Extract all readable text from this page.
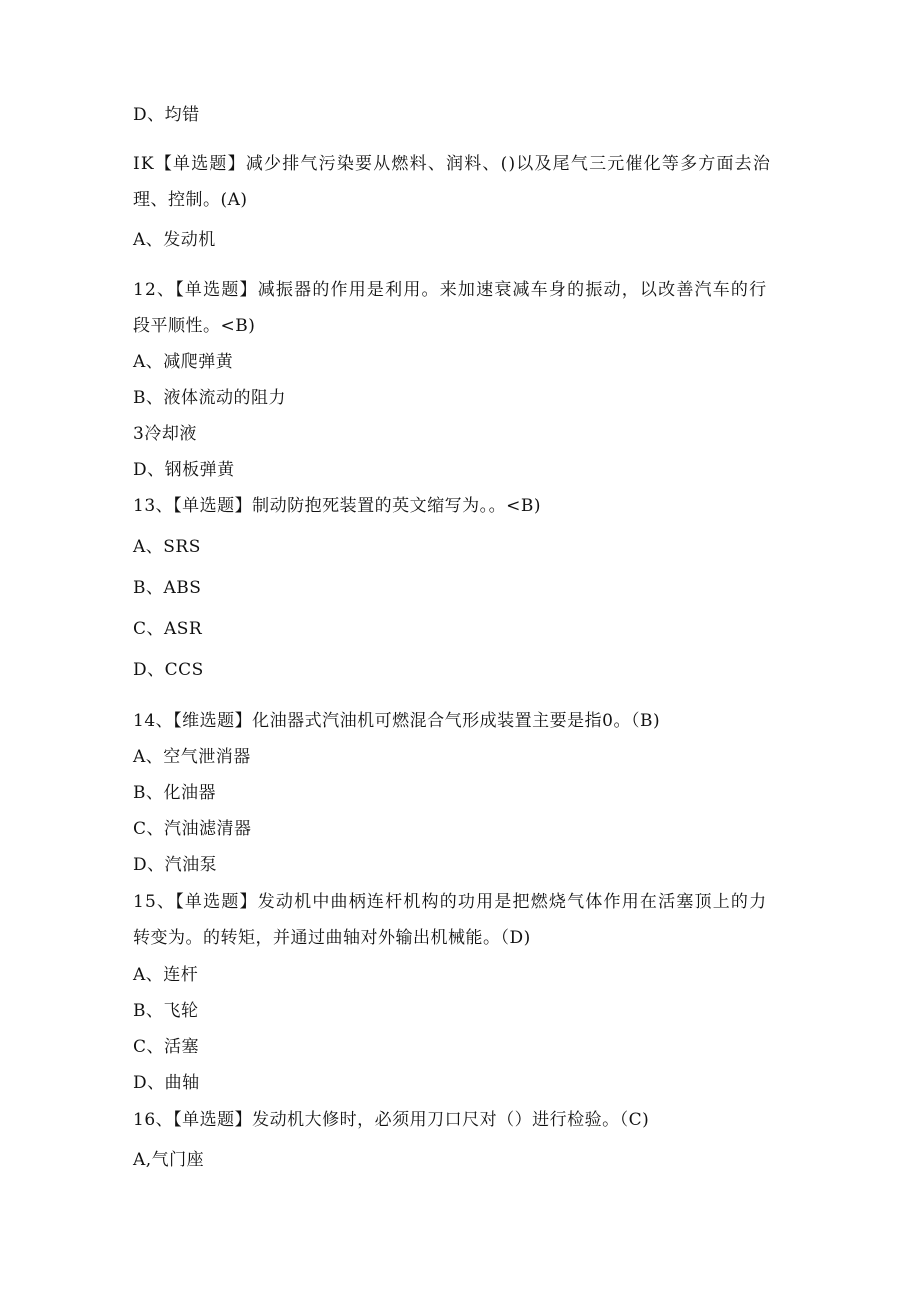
D、均错
IK【单选题】减少排气污染要从燃料、润料、()以及尾气三元催化等多方面去治
理、控制。(A)
A、发动机
12、【单选题】减振器的作用是利用。来加速衰减车身的振动，以改善汽车的行
段平顺性。<B)
A、减爬弹黄
B、液体流动的阻力
3冷却液
D、钢板弹黄
13、【单选题】制动防抱死装置的英文缩写为。。<B)
A、SRS
B、ABS
C、ASR
D、CCS
14、【维选题】化油器式汽油机可燃混合气形成装置主要是指0。（B)
A、空气泄消器
B、化油器
C、汽油滤清器
D、汽油泵
15、【单选题】发动机中曲柄连杆机构的功用是把燃烧气体作用在活塞顶上的力
转变为。的转矩，并通过曲轴对外输出机械能。（D)
A、连杆
B、飞轮
C、活塞
D、曲轴
16、【单选题】发动机大修时，必须用刀口尺对（）进行检验。（C)
A,气门座
